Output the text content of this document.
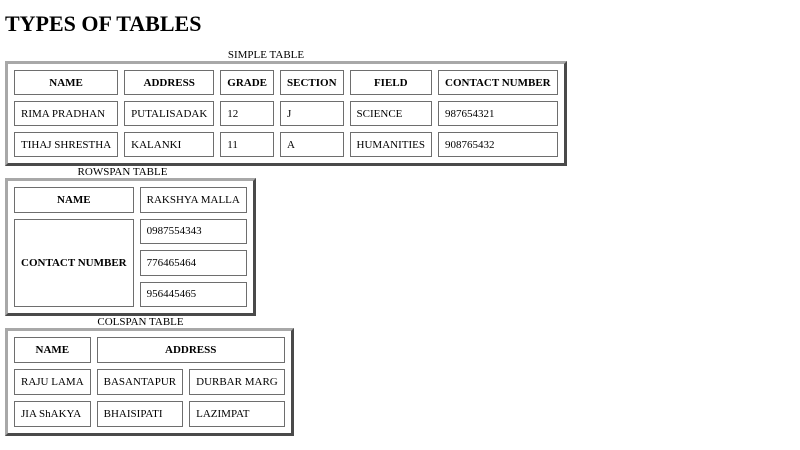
TYPES OF TABLES
SIMPLE TABLE
NAME	ADDRESS	GRADE	SECTION	FIELD	CONTACT NUMBER
RIMA PRADHAN	PUTALISADAK	12	J	SCIENCE	987654321
TIHAJ SHRESTHA	KALANKI	11	A	HUMANITIES	908765432
ROWSPAN TABLE
NAME	RAKSHYA MALLA
CONTACT NUMBER	0987554343
	776465464
	956445465
COLSPAN TABLE
NAME	ADDRESS	
RAJU LAMA	BASANTAPUR	DURBAR MARG
JIA ShAKYA	BHAISIPATI	LAZIMPAT
